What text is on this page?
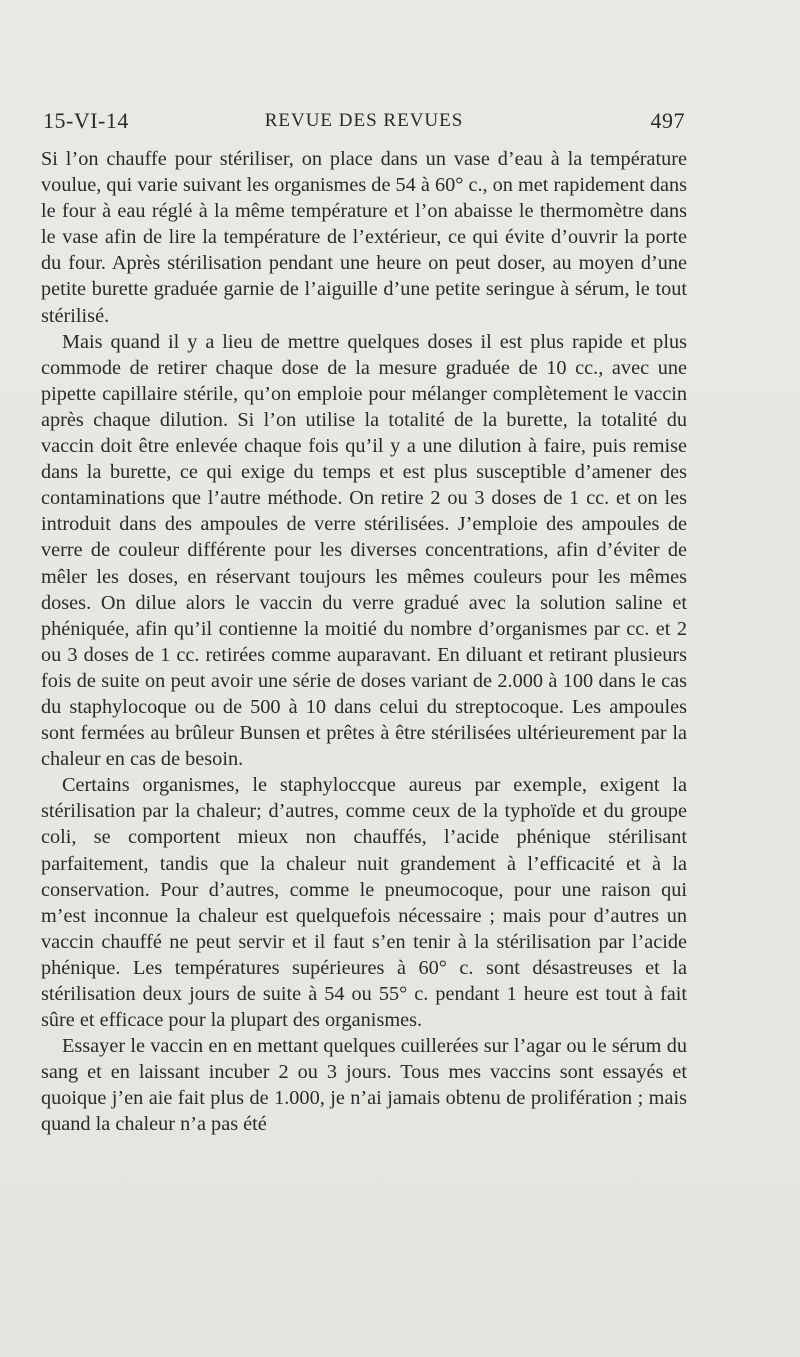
15-VI-14	REVUE DES REVUES	497

Si l’on chauffe pour stériliser, on place dans un vase d’eau à la température voulue, qui varie suivant les organismes de 54 à 60° c., on met rapidement dans le four à eau réglé à la même température et l’on abaisse le thermomètre dans le vase afin de lire la température de l’extérieur, ce qui évite d’ouvrir la porte du four. Après stérilisation pendant une heure on peut doser, au moyen d’une petite burette graduée garnie de l’aiguille d’une petite seringue à sérum, le tout stérilisé.

Mais quand il y a lieu de mettre quelques doses il est plus rapide et plus commode de retirer chaque dose de la mesure graduée de 10 cc., avec une pipette capillaire stérile, qu’on emploie pour mélanger complètement le vaccin après chaque dilution. Si l’on utilise la totalité de la burette, la totalité du vaccin doit être enlevée chaque fois qu’il y a une dilution à faire, puis remise dans la burette, ce qui exige du temps et est plus susceptible d’amener des contaminations que l’autre méthode. On retire 2 ou 3 doses de 1 cc. et on les introduit dans des ampoules de verre stérilisées. J’emploie des ampoules de verre de couleur différente pour les diverses concentrations, afin d’éviter de mêler les doses, en réservant toujours les mêmes couleurs pour les mêmes doses. On dilue alors le vaccin du verre gradué avec la solution saline et phéniquée, afin qu’il contienne la moitié du nombre d’organismes par cc. et 2 ou 3 doses de 1 cc. retirées comme auparavant. En diluant et retirant plusieurs fois de suite on peut avoir une série de doses variant de 2.000 à 100 dans le cas du staphylocoque ou de 500 à 10 dans celui du streptocoque. Les ampoules sont fermées au brûleur Bunsen et prêtes à être stérilisées ultérieurement par la chaleur en cas de besoin.

Certains organismes, le staphyloccque aureus par exemple, exigent la stérilisation par la chaleur; d’autres, comme ceux de la typhoïde et du groupe coli, se comportent mieux non chauffés, l’acide phénique stérilisant parfaitement, tandis que la chaleur nuit grandement à l’efficacité et à la conservation. Pour d’autres, comme le pneumocoque, pour une raison qui m’est inconnue la chaleur est quelquefois nécessaire ; mais pour d’autres un vaccin chauffé ne peut servir et il faut s’en tenir à la stérilisation par l’acide phénique. Les températures supérieures à 60° c. sont désastreuses et la stérilisation deux jours de suite à 54 ou 55° c. pendant 1 heure est tout à fait sûre et efficace pour la plupart des organismes.

Essayer le vaccin en en mettant quelques cuillerées sur l’agar ou le sérum du sang et en laissant incuber 2 ou 3 jours. Tous mes vaccins sont essayés et quoique j’en aie fait plus de 1.000, je n’ai jamais obtenu de prolifération ; mais quand la chaleur n’a pas été
